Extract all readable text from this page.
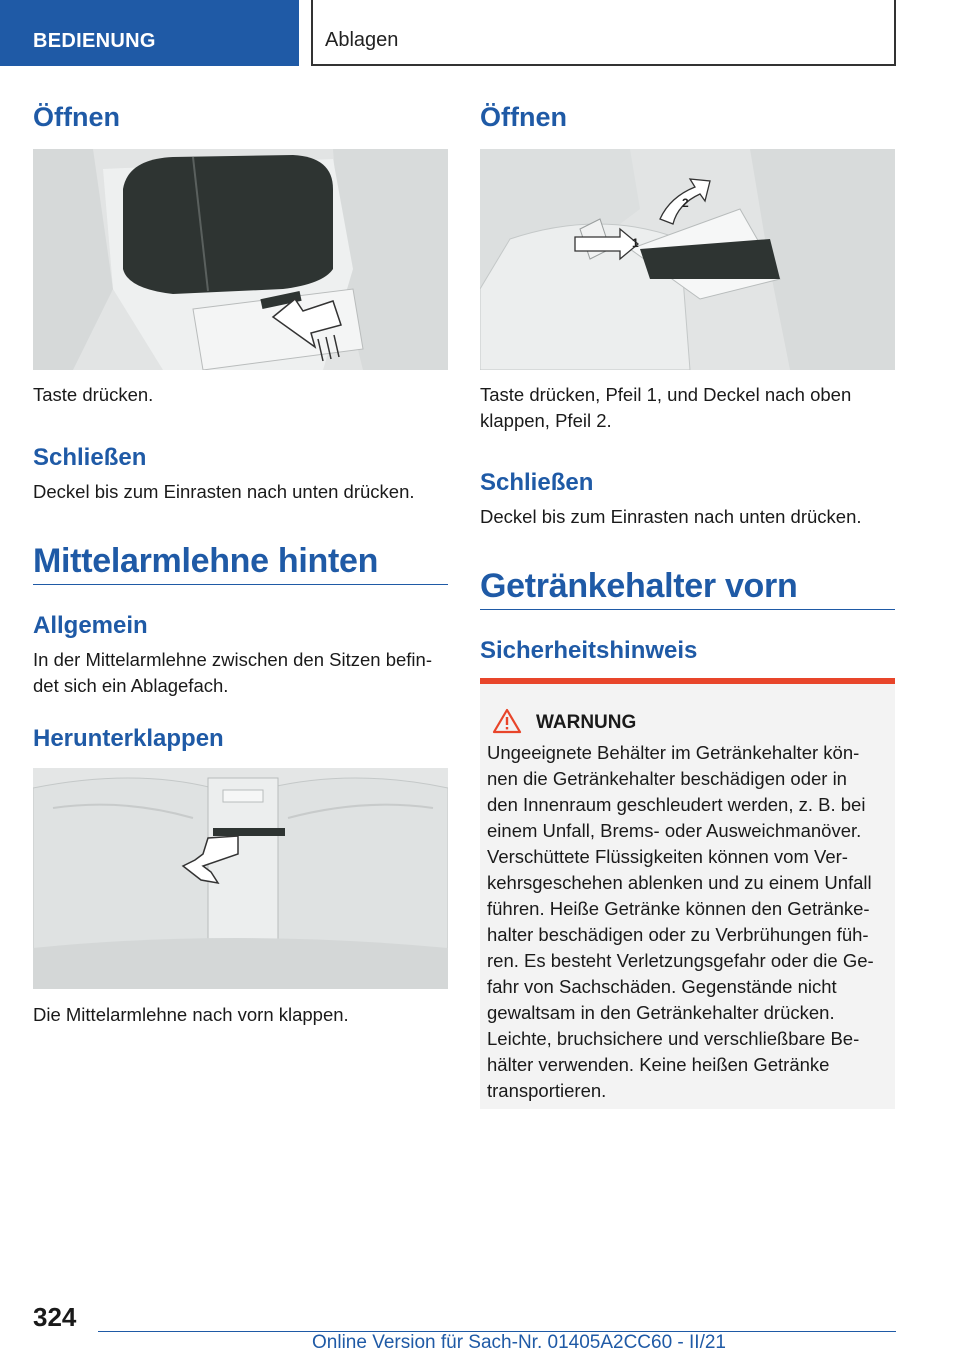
BEDIENUNG	Ablagen
Öffnen
Taste drücken.
Schließen
Deckel bis zum Einrasten nach unten drücken.
Mittelarmlehne hinten
Allgemein
In der Mittelarmlehne zwischen den Sitzen befin-
det sich ein Ablagefach.
Herunterklappen
Die Mittelarmlehne nach vorn klappen.
Öffnen
1
2
Taste drücken, Pfeil 1, und Deckel nach oben
klappen, Pfeil 2.
Schließen
Deckel bis zum Einrasten nach unten drücken.
Getränkehalter vorn
Sicherheitshinweis
WARNUNG
Ungeeignete Behälter im Getränkehalter kön-
nen die Getränkehalter beschädigen oder in
den Innenraum geschleudert werden, z. B. bei
einem Unfall, Brems- oder Ausweichmanöver.
Verschüttete Flüssigkeiten können vom Ver-
kehrsgeschehen ablenken und zu einem Unfall
führen. Heiße Getränke können den Getränke-
halter beschädigen oder zu Verbrühungen füh-
ren. Es besteht Verletzungsgefahr oder die Ge-
fahr von Sachschäden. Gegenstände nicht
gewaltsam in den Getränkehalter drücken.
Leichte, bruchsichere und verschließbare Be-
hälter verwenden. Keine heißen Getränke
transportieren.
324
Online Version für Sach-Nr. 01405A2CC60 - II/21
